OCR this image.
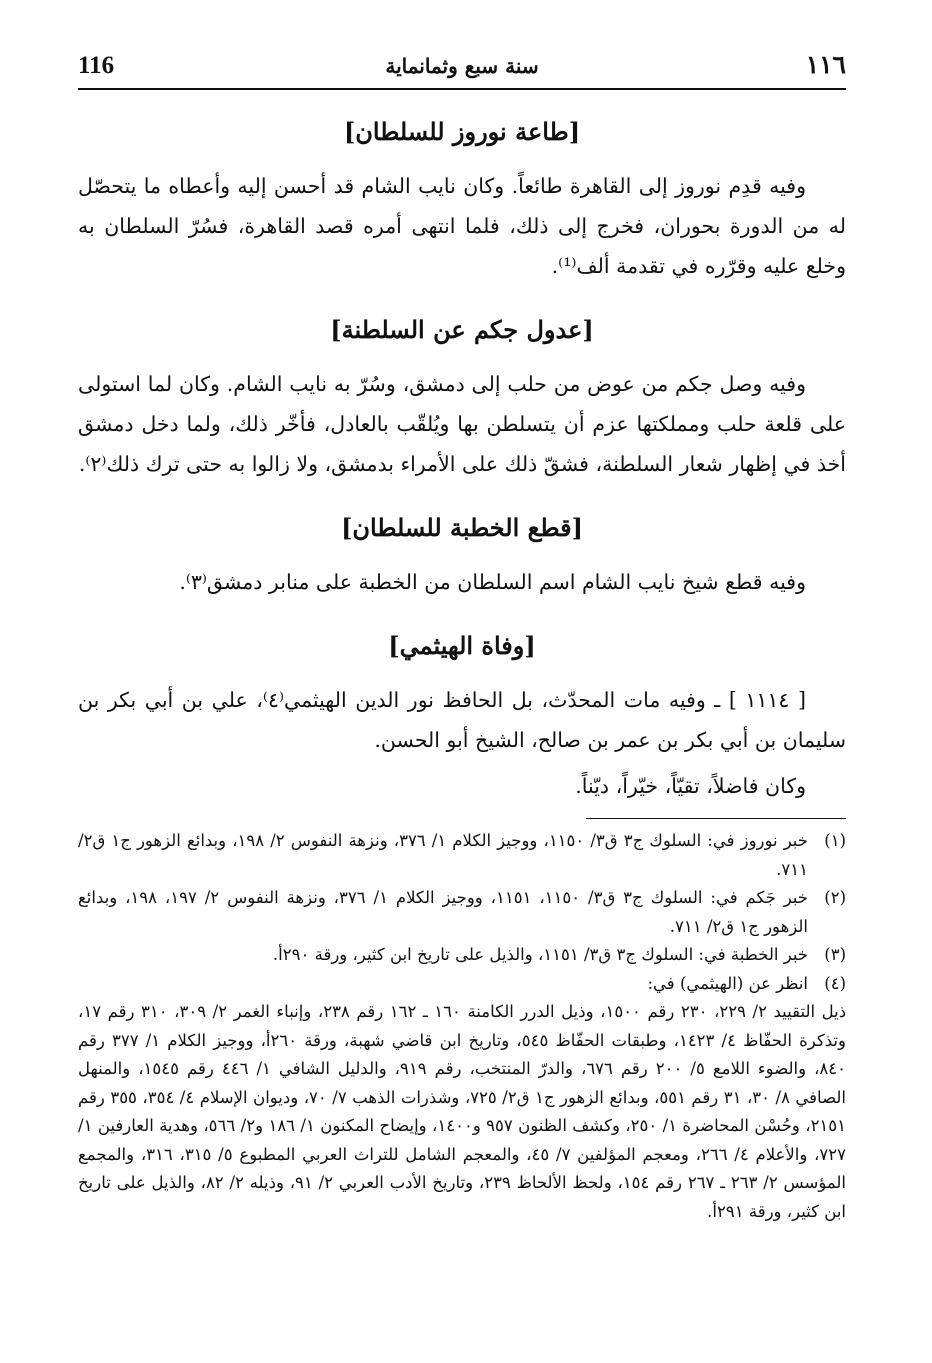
116	سنة سبع وثمانماية	١١٦
[طاعة نوروز للسلطان]

وفيه قدِم نوروز إلى القاهرة طائعاً. وكان نايب الشام قد أحسن إليه وأعطاه ما يتحصّل له من الدورة بحوران، فخرج إلى ذلك، فلما انتهى أمره قصد القاهرة، فسُرّ السلطان به وخلع عليه وقرّره في تقدمة ألف⁽¹⁾.

[عدول جكم عن السلطنة]

وفيه وصل جكم من عوض من حلب إلى دمشق، وسُرّ به نايب الشام. وكان لما استولى على قلعة حلب ومملكتها عزم أن يتسلطن بها ويُلقّب بالعادل، فأخّر ذلك، ولما دخل دمشق أخذ في إظهار شعار السلطنة، فشقّ ذلك على الأمراء بدمشق، ولا زالوا به حتى ترك ذلك⁽٢⁾.

[قطع الخطبة للسلطان]

وفيه قطع شيخ نايب الشام اسم السلطان من الخطبة على منابر دمشق⁽٣⁾.

[وفاة الهيثمي]

[ ١١١٤ ] ـ وفيه مات المحدّث، بل الحافظ نور الدين الهيثمي⁽٤⁾، علي بن أبي بكر بن سليمان بن أبي بكر بن عمر بن صالح، الشيخ أبو الحسن.

وكان فاضلاً، تقيّاً، خيّراً، ديّناً.

(١)
خبر نوروز في: السلوك ج٣ ق٣/ ١١٥٠، ووجيز الكلام ١/ ٣٧٦، ونزهة النفوس ٢/ ١٩٨، وبدائع الزهور ج١ ق٢/ ٧١١.
(٢)
خبر جَكم في: السلوك ج٣ ق٣/ ١١٥٠، ١١٥١، ووجيز الكلام ١/ ٣٧٦، ونزهة النفوس ٢/ ١٩٧، ١٩٨، وبدائع الزهور ج١ ق٢/ ٧١١.
(٣)
خبر الخطبة في: السلوك ج٣ ق٣/ ١١٥١، والذيل على تاريخ ابن كثير، ورقة ٢٩٠أ.
(٤)
انظر عن (الهيثمي) في:

ذيل التقييد ٢/ ٢٢٩، ٢٣٠ رقم ١٥٠٠، وذيل الدرر الكامنة ١٦٠ ـ ١٦٢ رقم ٢٣٨، وإنباء الغمر ٢/ ٣٠٩، ٣١٠ رقم ١٧، وتذكرة الحفّاظ ٤/ ١٤٢٣، وطبقات الحفّاظ ٥٤٥، وتاريخ ابن قاضي شهبة، ورقة ٢٦٠أ، ووجيز الكلام ١/ ٣٧٧ رقم ٨٤٠، والضوء اللامع ٥/ ٢٠٠ رقم ٦٧٦، والدرّ المنتخب، رقم ٩١٩، والدليل الشافي ١/ ٤٤٦ رقم ١٥٤٥، والمنهل الصافي ٨/ ٣٠، ٣١ رقم ٥٥١، وبدائع الزهور ج١ ق٢/ ٧٢٥، وشذرات الذهب ٧/ ٧٠، وديوان الإسلام ٤/ ٣٥٤، ٣٥٥ رقم ٢١٥١، وحُسْن المحاضرة ١/ ٢٥٠، وكشف الظنون ٩٥٧ و١٤٠٠، وإيضاح المكنون ١/ ١٨٦ و٢/ ٥٦٦، وهدية العارفين ١/ ٧٢٧، والأعلام ٤/ ٢٦٦، ومعجم المؤلفين ٧/ ٤٥، والمعجم الشامل للتراث العربي المطبوع ٥/ ٣١٥، ٣١٦، والمجمع المؤسس ٢/ ٢٦٣ ـ ٢٦٧ رقم ١٥٤، ولحظ الألحاظ ٢٣٩، وتاريخ الأدب العربي ٢/ ٩١، وذيله ٢/ ٨٢، والذيل على تاريخ ابن كثير، ورقة ٢٩١أ.
